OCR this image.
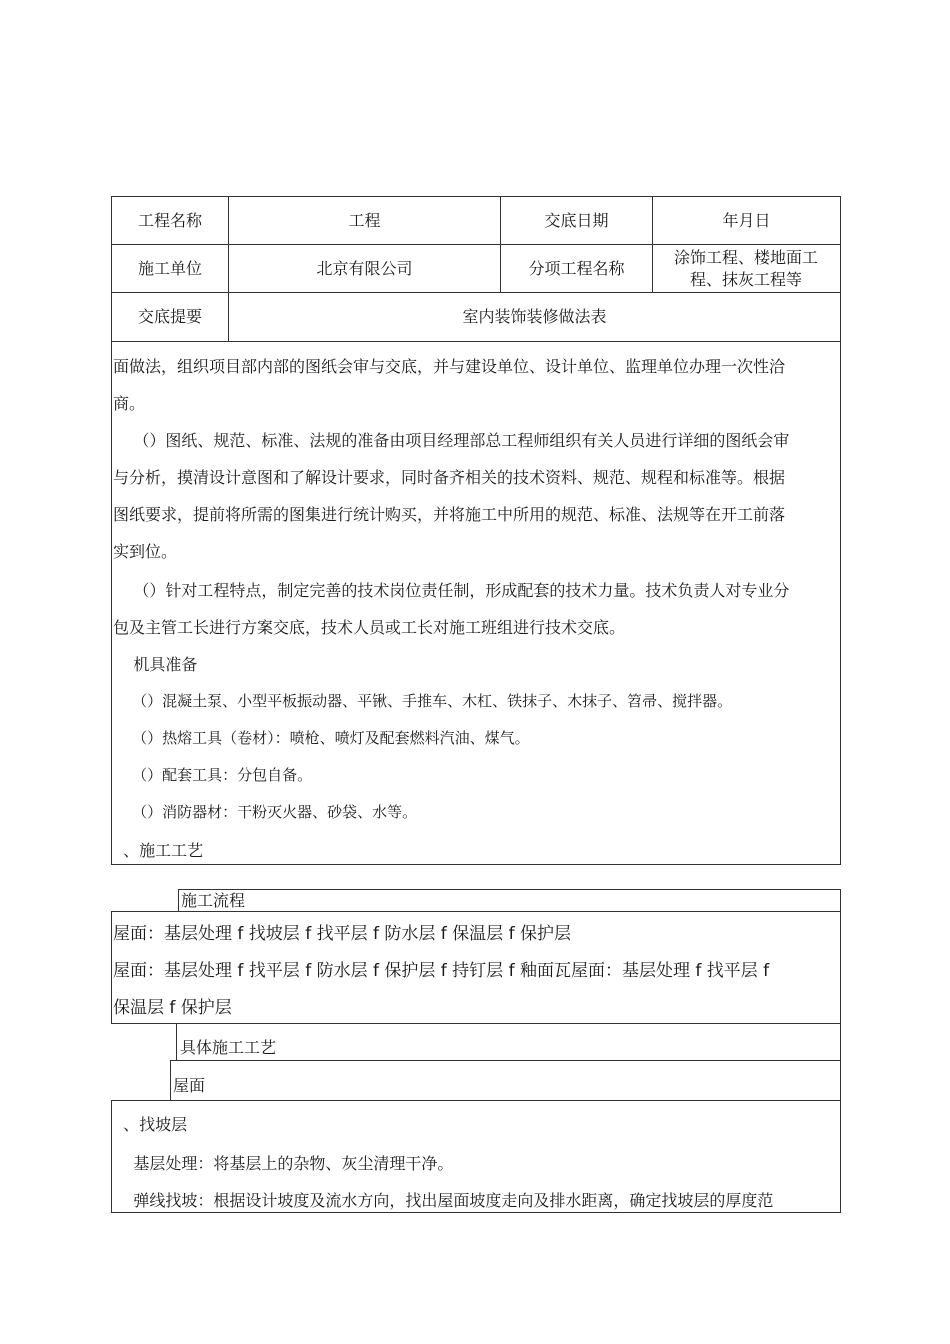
工程名称	工程	交底日期	年月日
施工单位	北京有限公司	分项工程名称
涂饰工程、楼地面工程、抹灰工程等
交底提要	室内装饰装修做法表
面做法，组织项目部内部的图纸会审与交底，并与建设单位、设计单位、监理单位办理一次性洽
商。
（）图纸、规范、标准、法规的准备由项目经理部总工程师组织有关人员进行详细的图纸会审
与分析，摸清设计意图和了解设计要求，同时备齐相关的技术资料、规范、规程和标准等。根据
图纸要求，提前将所需的图集进行统计购买，并将施工中所用的规范、标准、法规等在开工前落
实到位。
（）针对工程特点，制定完善的技术岗位责任制，形成配套的技术力量。技术负责人对专业分
包及主管工长进行方案交底，技术人员或工长对施工班组进行技术交底。
机具准备
（）混凝土泵、小型平板振动器、平锹、手推车、木杠、铁抹子、木抹子、笤帚、搅拌器。
（）热熔工具（卷材）：喷枪、喷灯及配套燃料汽油、煤气。
（）配套工具：分包自备。
（）消防器材：干粉灭火器、砂袋、水等。
、施工工艺
施工流程
屋面：基层处理 f 找坡层 f 找平层 f 防水层 f 保温层 f 保护层
屋面：基层处理 f 找平层 f 防水层 f 保护层 f 持钉层 f 釉面瓦屋面：基层处理 f 找平层 f
保温层 f 保护层
具体施工工艺
屋面
、找坡层
基层处理：将基层上的杂物、灰尘清理干净。
弹线找坡：根据设计坡度及流水方向，找出屋面坡度走向及排水距离，确定找坡层的厚度范
